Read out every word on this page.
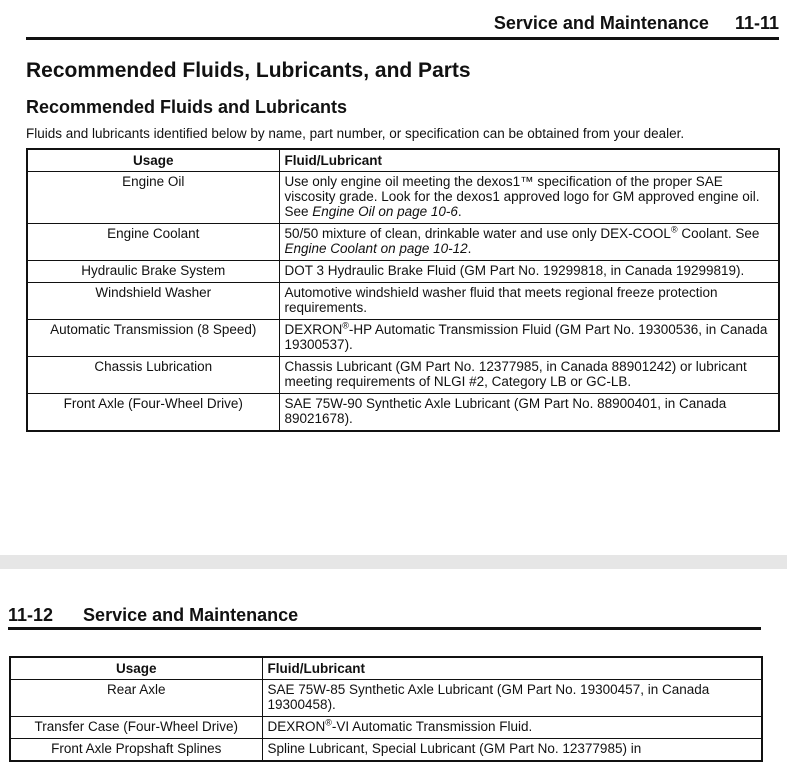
Service and Maintenance 11-11
Recommended Fluids, Lubricants, and Parts
Recommended Fluids and Lubricants
Fluids and lubricants identified below by name, part number, or specification can be obtained from your dealer.
Usage	Fluid/Lubricant
Engine Oil	Use only engine oil meeting the dexos1™ specification of the proper SAE viscosity grade. Look for the dexos1 approved logo for GM approved engine oil. See Engine Oil on page 10-6.
Engine Coolant	50/50 mixture of clean, drinkable water and use only DEX-COOL® Coolant. See Engine Coolant on page 10-12.
Hydraulic Brake System	DOT 3 Hydraulic Brake Fluid (GM Part No. 19299818, in Canada 19299819).
Windshield Washer	Automotive windshield washer fluid that meets regional freeze protection requirements.
Automatic Transmission (8 Speed)	DEXRON®-HP Automatic Transmission Fluid (GM Part No. 19300536, in Canada 19300537).
Chassis Lubrication	Chassis Lubricant (GM Part No. 12377985, in Canada 88901242) or lubricant meeting requirements of NLGI #2, Category LB or GC-LB.
Front Axle (Four-Wheel Drive)	SAE 75W-90 Synthetic Axle Lubricant (GM Part No. 88900401, in Canada 89021678).
11-12 Service and Maintenance
Usage	Fluid/Lubricant
Rear Axle	SAE 75W-85 Synthetic Axle Lubricant (GM Part No. 19300457, in Canada 19300458).
Transfer Case (Four-Wheel Drive)	DEXRON®-VI Automatic Transmission Fluid.
Front Axle Propshaft Splines	Spline Lubricant, Special Lubricant (GM Part No. 12377985) in
